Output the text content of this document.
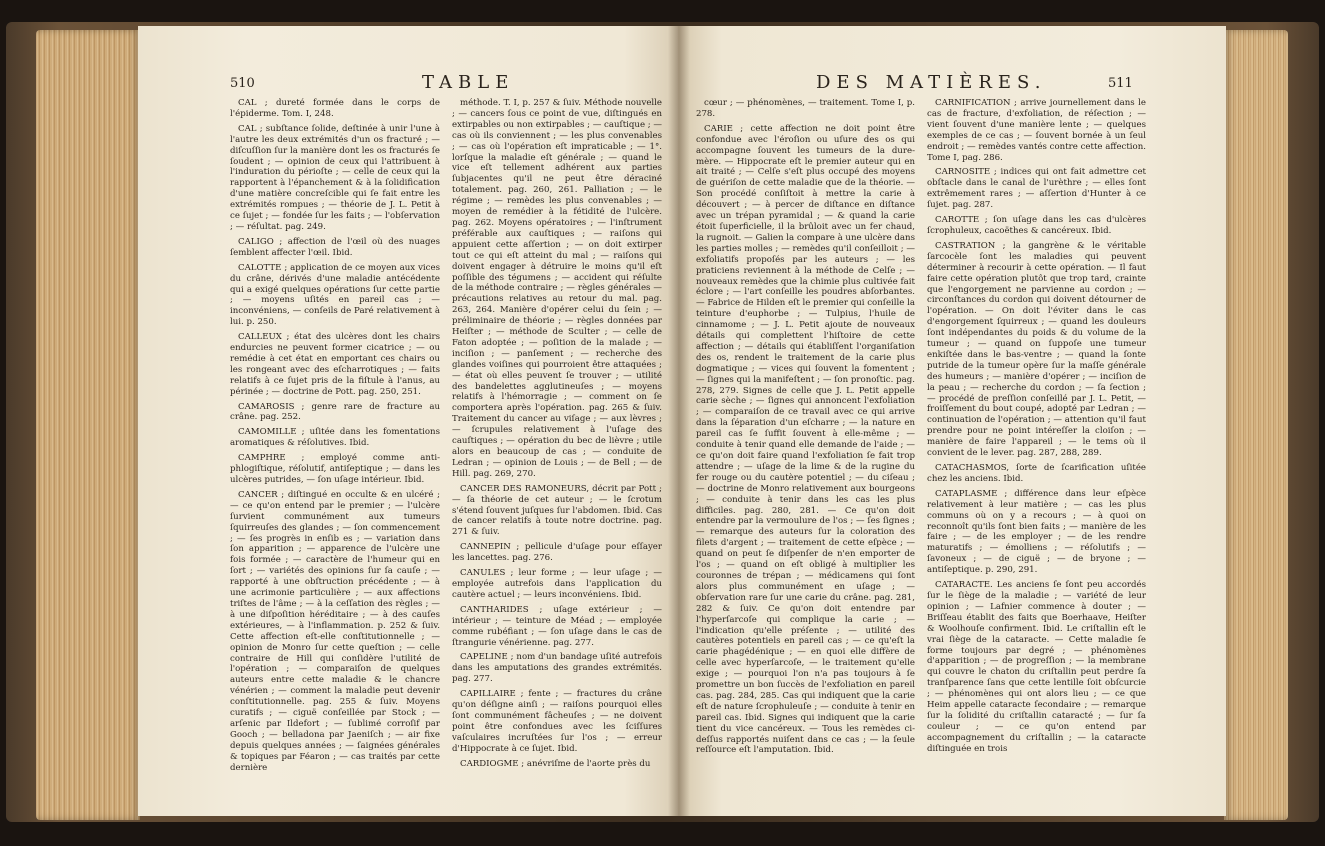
510	TABLE

CAL ; dureté formée dans le corps de l'épiderme. Tom. I, 248.

CAL ; subſtance ſolide, deſtinée à unir l'une à l'autre les deux extrémités d'un os fracturé ; — diſcuſſion ſur la manière dont les os fracturés ſe ſoudent ; — opinion de ceux qui l'attribuent à l'induration du périoſte ; — celle de ceux qui la rapportent à l'épanchement & à la ſolidification d'une matière concreſcible qui ſe fait entre les extrémités rompues ; — théorie de J. L. Petit à ce ſujet ; — fondée ſur les faits ; — l'obſervation ; — réſultat. pag. 249.

CALIGO ; affection de l'œil où des nuages ſemblent affecter l'œil. Ibid.

CALOTTE ; application de ce moyen aux vices du crâne, dérivés d'une maladie antécédente qui a exigé quelques opérations ſur cette partie ; — moyens uſités en pareil cas ; — inconvéniens, — conſeils de Paré relativement à lui. p. 250.

CALLEUX ; état des ulcères dont les chairs endurcies ne peuvent former cicatrice ; — ou remédie à cet état en emportant ces chairs ou les rongeant avec des eſcharrotiques ; — faits relatifs à ce ſujet pris de la fiſtule à l'anus, au périnée ; — doctrine de Pott. pag. 250, 251.

CAMAROSIS ; genre rare de fracture au crâne. pag. 252.

CAMOMILLE ; uſitée dans les fomentations aromatiques & réſolutives. Ibid.

CAMPHRE ; employé comme anti-phlogiſtique, réſolutif, antiſeptique ; — dans les ulcères putrides, — ſon uſage intérieur. Ibid.

CANCER ; diſtingué en occulte & en ulcéré ; — ce qu'on entend par le premier ; — l'ulcère ſurvient communément aux tumeurs ſquirreuſes des glandes ; — ſon commencement ; — ſes progrès in enſib es ; — variation dans ſon apparition ; — apparence de l'ulcère une fois formée ; — caractère de l'humeur qui en ſort ; — variétés des opinions ſur ſa cauſe ; — rapporté à une obſtruction précédente ; — à une acrimonie particulière ; — aux affections triſtes de l'âme ; — à la ceſſation des règles ; — à une diſpoſition héréditaire ; — à des cauſes extérieures, — à l'inflammation. p. 252 & ſuiv. Cette affection eſt-elle conſtitutionnelle ; — opinion de Monro ſur cette queſtion ; — celle contraire de Hill qui conſidère l'utilité de l'opération ; — comparaiſon de quelques auteurs entre cette maladie & le chancre vénérien ; — comment la maladie peut devenir conſtitutionnelle. pag. 255 & ſuiv. Moyens curatifs ; — ciguë conſeillée par Stock ; — arſenic par Ildefort ; — ſublimé corroſif par Gooch ; — belladona par Jaeniſch ; — air fixe depuis quelques années ; — ſaignées générales & topiques par Féaron ; — cas traités par cette dernière

méthode. T. I, p. 257 & ſuiv. Méthode nouvelle ; — cancers ſous ce point de vue, diſtingués en extirpables ou non extirpables ; — cauſtique ; — cas où ils conviennent ; — les plus convenables ; — cas où l'opération eſt impraticable ; — 1°. lorſque la maladie eſt générale ; — quand le vice eſt tellement adhérent aux parties ſubjacentes qu'il ne peut être déraciné totalement. pag. 260, 261. Palliation ; — le régime ; — remèdes les plus convenables ; — moyen de remédier à la fétidité de l'ulcère. pag. 262. Moyens opératoires ; — l'inſtrument préférable aux cauſtiques ; — raiſons qui appuient cette aſſertion ; — on doit extirper tout ce qui eſt atteint du mal ; — raiſons qui doivent engager à détruire le moins qu'il eſt poſſible des tégumens ; — accident qui réſulte de la méthode contraire ; — règles générales — précautions relatives au retour du mal. pag. 263, 264. Manière d'opérer celui du ſein ; — préliminaire de théorie ; — règles données par Heiſter ; — méthode de Sculter ; — celle de Faton adoptée ; — poſition de la malade ; — inciſion ; — panſement ; — recherche des glandes voiſines qui pourroient être attaquées ; — état où elles peuvent ſe trouver ; — utilité des bandelettes agglutineuſes ; — moyens relatifs à l'hémorragie ; — comment on ſe comportera après l'opération. pag. 265 & ſuiv. Traitement du cancer au viſage ; — aux lèvres ; — ſcrupules relativement à l'uſage des cauſtiques ; — opération du bec de lièvre ; utile alors en beaucoup de cas ; — conduite de Ledran ; — opinion de Louis ; — de Bell ; — de Hill. pag. 269, 270.

CANCER DES RAMONEURS, décrit par Pott ; — ſa théorie de cet auteur ; — le ſcrotum s'étend ſouvent juſques ſur l'abdomen. Ibid. Cas de cancer relatifs à toute notre doctrine. pag. 271 & ſuiv.

CANNEPIN ; pellicule d'uſage pour eſſayer les lancettes. pag. 276.

CANULES ; leur forme ; — leur uſage ; — employée autrefois dans l'application du cautère actuel ; — leurs inconvéniens. Ibid.

CANTHARIDES ; uſage extérieur ; — intérieur ; — teinture de Méad ; — employée comme rubéfiant ; — ſon uſage dans le cas de ſtrangurie vénérienne. pag. 277.

CAPELINE ; nom d'un bandage uſité autrefois dans les amputations des grandes extrémités. pag. 277.

CAPILLAIRE ; fente ; — fractures du crâne qu'on déſigne ainſi ; — raiſons pourquoi elles ſont communément fâcheuſes ; — ne doivent point être confondues avec les ſciſſures vaſculaires incruſtées ſur l'os ; — erreur d'Hippocrate à ce ſujet. Ibid.

CARDIOGME ; anévriſme de l'aorte près du

DES MATIÈRES.	511

cœur ; — phénomènes, — traitement. Tome I, p. 278.

CARIE ; cette affection ne doit point être confondue avec l'éroſion ou uſure des os qui accompagne ſouvent les tumeurs de la dure-mère. — Hippocrate eſt le premier auteur qui en ait traité ; — Celſe s'eſt plus occupé des moyens de guériſon de cette maladie que de la théorie. — Son procédé conſiſtoit à mettre la carie à découvert ; — à percer de diſtance en diſtance avec un trépan pyramidal ; — & quand la carie étoit ſuperficielle, il la brûloit avec un fer chaud, la rugnoit. — Galien la compare à une ulcère dans les parties molles ; — remèdes qu'il conſeilloit ; — exfoliatifs propoſés par les auteurs ; — les praticiens reviennent à la méthode de Celſe ; — nouveaux remèdes que la chimie plus cultivée fait éclore ; — l'art conſeille les poudres abſorbantes. — Fabrice de Hilden eſt le premier qui conſeille la teinture d'euphorbe ; — Tulpius, l'huile de cinnamome ; — J. L. Petit ajoute de nouveaux détails qui complettent l'hiſtoire de cette affection ; — détails qui établiſſent l'organiſation des os, rendent le traitement de la carie plus dogmatique ; — vices qui ſouvent la fomentent ; — ſignes qui la manifeſtent ; — ſon pronoſtic. pag. 278, 279. Signes de celle que J. L. Petit appelle carie sèche ; — ſignes qui annoncent l'exfoliation ; — comparaiſon de ce travail avec ce qui arrive dans la ſéparation d'un eſcharre ; — la nature en pareil cas ſe ſuffit ſouvent à elle-même ; — conduite à tenir quand elle demande de l'aide ; — ce qu'on doit faire quand l'exfoliation ſe fait trop attendre ; — uſage de la lime & de la rugine du fer rouge ou du cautère potentiel ; — du ciſeau ; — doctrine de Monro relativement aux bourgeons ; — conduite à tenir dans les cas les plus difficiles. pag. 280, 281. — Ce qu'on doit entendre par la vermoulure de l'os ; — ſes ſignes ; — remarque des auteurs ſur la coloration des filets d'argent ; — traitement de cette eſpèce ; — quand on peut ſe diſpenſer de n'en emporter de l'os ; — quand on eſt obligé à multiplier les couronnes de trépan ; — médicamens qui ſont alors plus communément en uſage ; — obſervation rare ſur une carie du crâne. pag. 281, 282 & ſuiv. Ce qu'on doit entendre par l'hyperſarcoſe qui complique la carie ; — l'indication qu'elle préſente ; — utilité des cautères potentiels en pareil cas ; — ce qu'eſt la carie phagédénique ; — en quoi elle diffère de celle avec hyperſarcoſe, — le traitement qu'elle exige ; — pourquoi l'on n'a pas toujours à ſe promettre un bon ſuccès de l'exfoliation en pareil cas. pag. 284, 285. Cas qui indiquent que la carie eſt de nature ſcrophuleuſe ; — conduite à tenir en pareil cas. Ibid. Signes qui indiquent que la carie tient du vice cancéreux. — Tous les remèdes ci-deſſus rapportés nuiſent dans ce cas ; — la ſeule reſſource eſt l'amputation. Ibid.

CARNIFICATION ; arrive journellement dans le cas de fracture, d'exfoliation, de réſection ; — vient ſouvent d'une manière lente ; — quelques exemples de ce cas ; — ſouvent bornée à un ſeul endroit ; — remèdes vantés contre cette affection. Tome I, pag. 286.

CARNOSITE ; indices qui ont fait admettre cet obſtacle dans le canal de l'urèthre ; — elles ſont extrêmement rares ; — aſſertion d'Hunter à ce ſujet. pag. 287.

CAROTTE ; ſon uſage dans les cas d'ulcères ſcrophuleux, cacoëthes & cancéreux. Ibid.

CASTRATION ; la gangrène & le véritable ſarcocèle ſont les maladies qui peuvent déterminer à recourir à cette opération. — Il faut faire cette opération plutôt que trop tard, crainte que l'engorgement ne parvienne au cordon ; — circonſtances du cordon qui doivent détourner de l'opération. — On doit l'éviter dans le cas d'engorgement ſquirreux ; — quand les douleurs ſont indépendantes du poids & du volume de la tumeur ; — quand on ſuppoſe une tumeur enkiſtée dans le bas-ventre ; — quand la ſonte putride de la tumeur opère ſur la maſſe générale des humeurs ; — manière d'opérer ; — inciſion de la peau ; — recherche du cordon ; — ſa ſection ; — procédé de preſſion conſeillé par J. L. Petit, — froiſſement du bout coupé, adopté par Ledran ; — continuation de l'opération ; — attention qu'il faut prendre pour ne point intéreſſer la cloiſon ; — manière de faire l'appareil ; — le tems où il convient de le lever. pag. 287, 288, 289.

CATACHASMOS, ſorte de ſcarification uſitée chez les anciens. Ibid.

CATAPLASME ; différence dans leur eſpèce relativement à leur matière ; — cas les plus communs où on y a recours ; — à quoi on reconnoît qu'ils ſont bien faits ; — manière de les faire ; — de les employer ; — de les rendre maturatifs ; — émolliens ; — réſolutifs ; — ſavoneux ; — de ciguë ; — de bryone ; — antiſeptique. p. 290, 291.

CATARACTE. Les anciens ſe ſont peu accordés ſur le ſiège de la maladie ; — variété de leur opinion ; — Lafnier commence à douter ; — Briſſeau établit des faits que Boerhaave, Heiſter & Woolhouſe confirment. Ibid. Le criſtallin eſt le vrai ſiège de la cataracte. — Cette maladie ſe forme toujours par degré ; — phénomènes d'apparition ; — de progreſſion ; — la membrane qui couvre le chaton du criſtallin peut perdre ſa tranſparence ſans que cette lentille ſoit obſcurcie ; — phénomènes qui ont alors lieu ; — ce que Heim appelle cataracte ſecondaire ; — remarque ſur la ſolidité du criſtallin cataracté ; — ſur ſa couleur ; — ce qu'on entend par accompagnement du criſtallin ; — la cataracte diſtinguée en trois
